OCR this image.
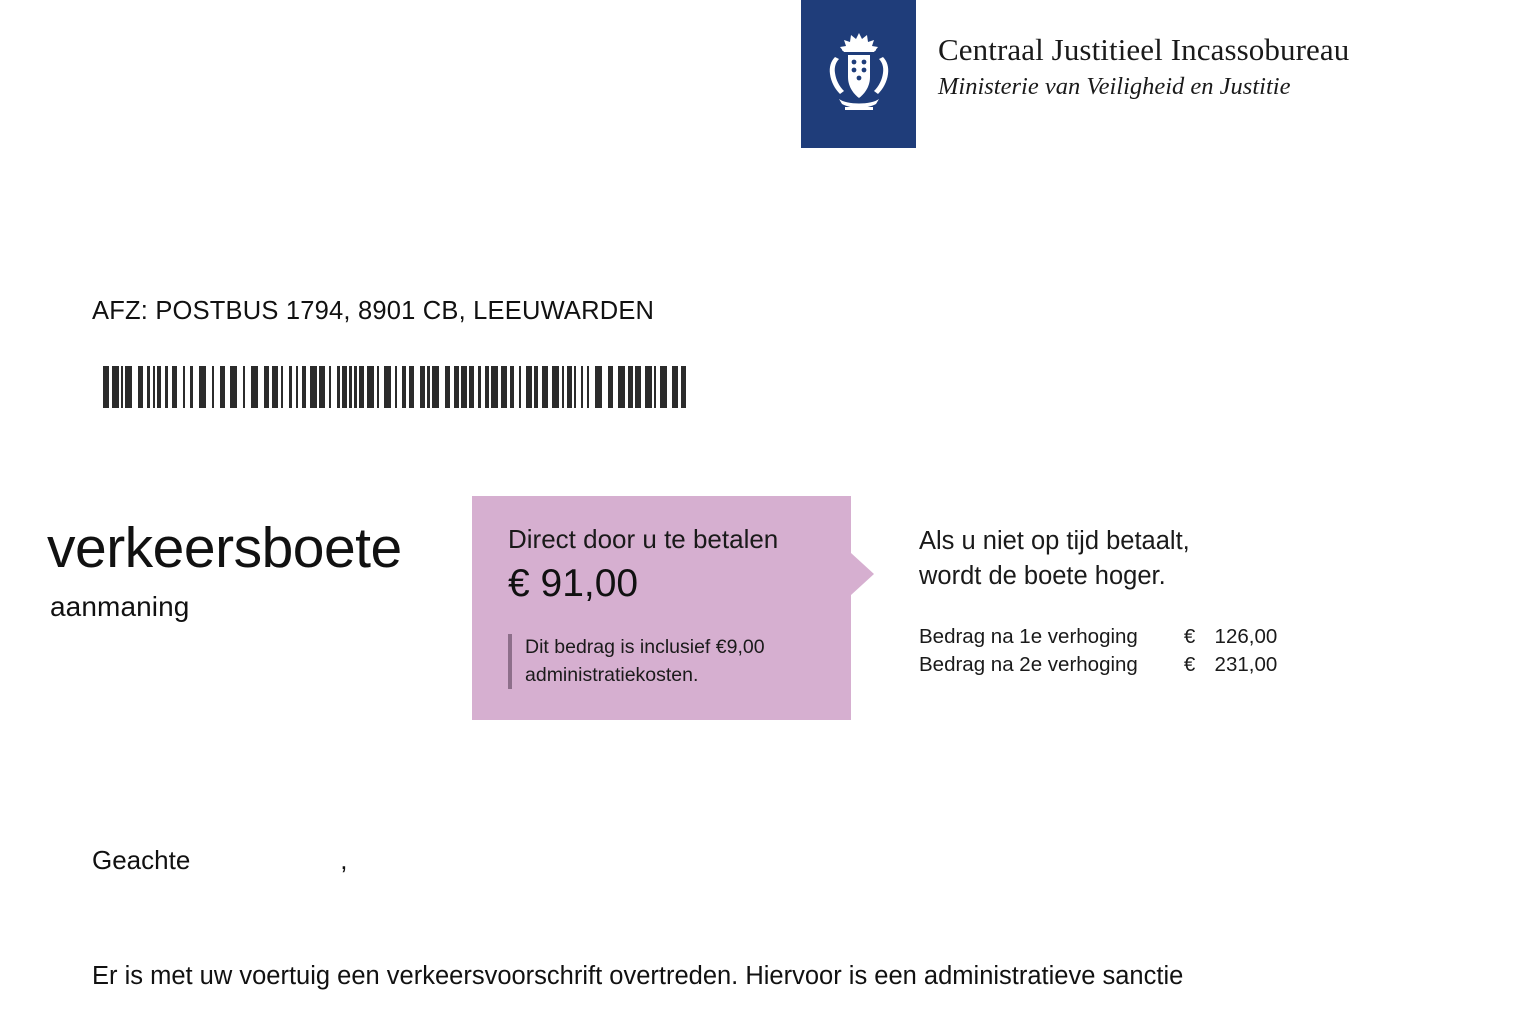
Centraal Justitieel Incassobureau
Ministerie van Veiligheid en Justitie
AFZ: POSTBUS 1794, 8901 CB, LEEUWARDEN
verkeersboete
aanmaning
Direct door u te betalen
€ 91,00
Dit bedrag is inclusief €9,00 administratiekosten.
Als u niet op tijd betaalt,
wordt de boete hoger.
Bedrag na 1e verhoging	€	126,00
Bedrag na 2e verhoging	€	231,00
Geachte	,
Er is met uw voertuig een verkeersvoorschrift overtreden. Hiervoor is een administratieve sanctie
